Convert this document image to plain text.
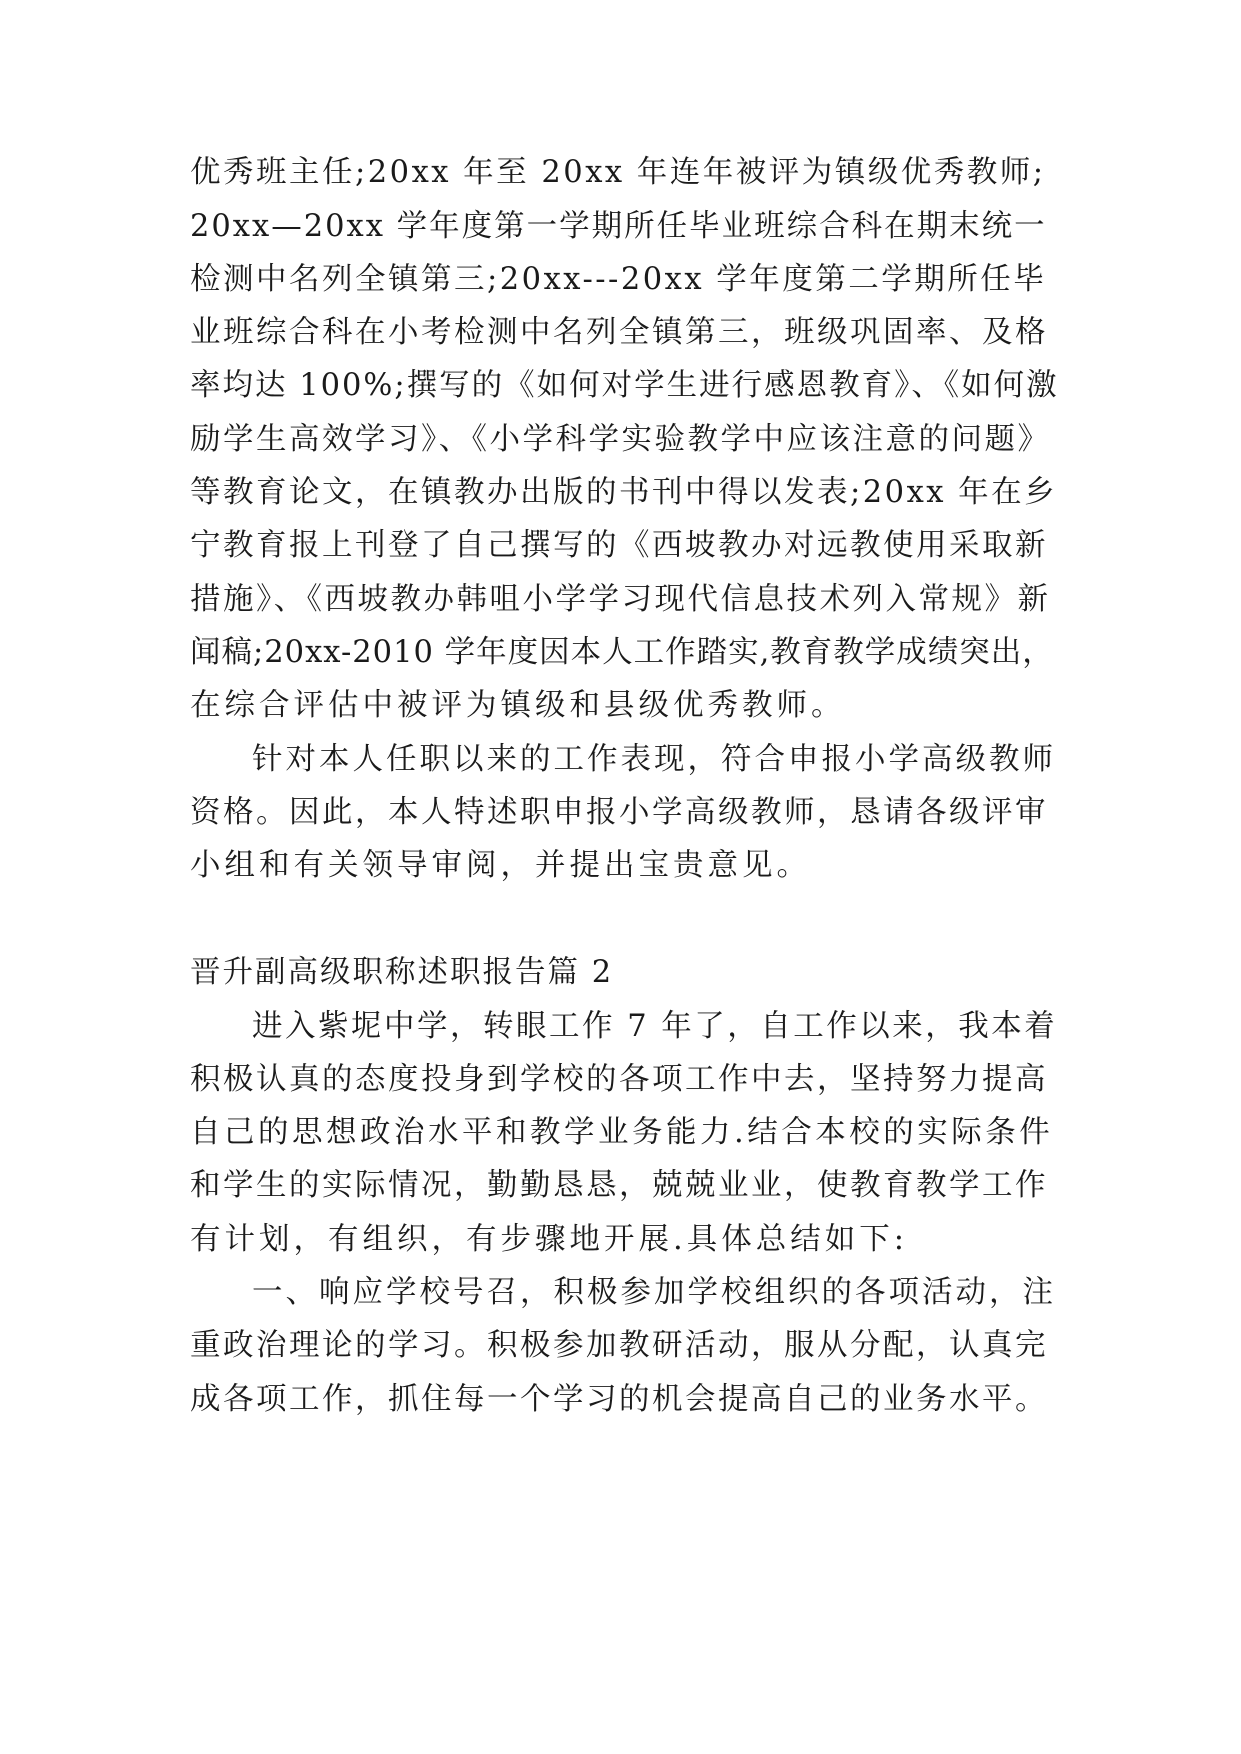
优秀班主任;20xx 年至 20xx 年连年被评为镇级优秀教师;
20xx—20xx 学年度第一学期所任毕业班综合科在期末统一
检测中名列全镇第三;20xx---20xx 学年度第二学期所任毕
业班综合科在小考检测中名列全镇第三，班级巩固率、及格
率均达 100%;撰写的《如何对学生进行感恩教育》、《如何激
励学生高效学习》、《小学科学实验教学中应该注意的问题》
等教育论文，在镇教办出版的书刊中得以发表;20xx 年在乡
宁教育报上刊登了自己撰写的《西坡教办对远教使用采取新
措施》、《西坡教办韩咀小学学习现代信息技术列入常规》新
闻稿;20xx-2010 学年度因本人工作踏实,教育教学成绩突出，
在综合评估中被评为镇级和县级优秀教师。
针对本人任职以来的工作表现，符合申报小学高级教师
资格。因此，本人特述职申报小学高级教师，恳请各级评审
小组和有关领导审阅，并提出宝贵意见。
晋升副高级职称述职报告篇 2
进入紫坭中学，转眼工作 7 年了，自工作以来，我本着
积极认真的态度投身到学校的各项工作中去，坚持努力提高
自己的思想政治水平和教学业务能力.结合本校的实际条件
和学生的实际情况，勤勤恳恳，兢兢业业，使教育教学工作
有计划，有组织，有步骤地开展.具体总结如下:
一、响应学校号召，积极参加学校组织的各项活动，注
重政治理论的学习。积极参加教研活动，服从分配，认真完
成各项工作，抓住每一个学习的机会提高自己的业务水平。
